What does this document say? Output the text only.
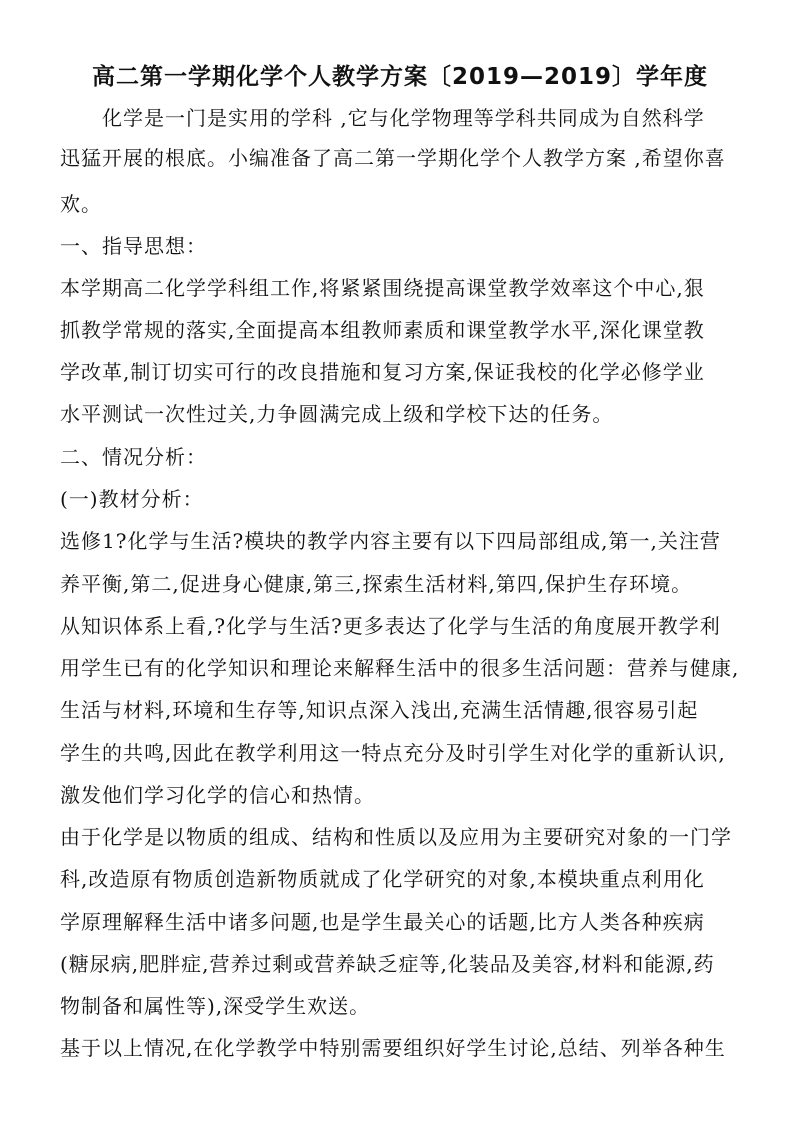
高二第一学期化学个人教学方案〔2019—2019〕学年度
　　化学是一门是实用的学科 ,它与化学物理等学科共同成为自然科学
迅猛开展的根底。小编准备了高二第一学期化学个人教学方案 ,希望你喜
欢。
一、指导思想：
本学期高二化学学科组工作,将紧紧围绕提高课堂教学效率这个中心,狠
抓教学常规的落实,全面提高本组教师素质和课堂教学水平,深化课堂教
学改革,制订切实可行的改良措施和复习方案,保证我校的化学必修学业
水平测试一次性过关,力争圆满完成上级和学校下达的任务。
二、情况分析：
(一)教材分析：
选修1?化学与生活?模块的教学内容主要有以下四局部组成,第一,关注营
养平衡,第二,促进身心健康,第三,探索生活材料,第四,保护生存环境。
从知识体系上看,?化学与生活?更多表达了化学与生活的角度展开教学利
用学生已有的化学知识和理论来解释生活中的很多生活问题：营养与健康,
生活与材料,环境和生存等,知识点深入浅出,充满生活情趣,很容易引起
学生的共鸣,因此在教学利用这一特点充分及时引学生对化学的重新认识,
激发他们学习化学的信心和热情。
由于化学是以物质的组成、结构和性质以及应用为主要研究对象的一门学
科,改造原有物质创造新物质就成了化学研究的对象,本模块重点利用化
学原理解释生活中诸多问题,也是学生最关心的话题,比方人类各种疾病
(糖尿病,肥胖症,营养过剩或营养缺乏症等,化装品及美容,材料和能源,药
物制备和属性等),深受学生欢送。
基于以上情况,在化学教学中特别需要组织好学生讨论,总结、列举各种生
